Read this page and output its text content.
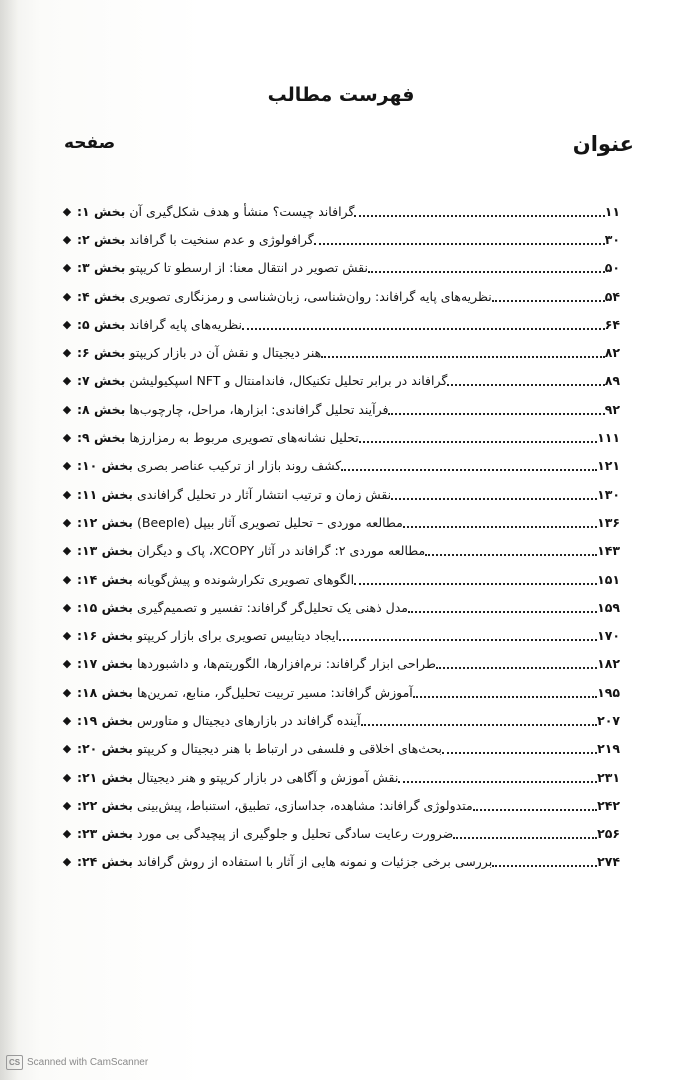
فهرست مطالب
عنوان
صفحه
◆ بخش ۱: گرافاند چیست؟ منشأ و هدف شکل‌گیری آن	۱۱
◆ بخش ۲: گرافولوژی و عدم سنخیت با گرافاند	۳۰
◆ بخش ۳: نقش تصویر در انتقال معنا: از ارسطو تا کریپتو	۵۰
◆ بخش ۴: نظریه‌های پایه گرافاند: روان‌شناسی، زبان‌شناسی و رمزنگاری تصویری	۵۴
◆ بخش ۵: نظریه‌های پایه گرافاند	۶۴
◆ بخش ۶: هنر دیجیتال و نقش آن در بازار کریپتو	۸۲
◆ بخش ۷: گرافاند در برابر تحلیل تکنیکال، فاندامنتال و NFT اسپکیولیشن	۸۹
◆ بخش ۸: فرآیند تحلیل گرافاندی: ابزارها، مراحل، چارچوب‌ها	۹۲
◆ بخش ۹: تحلیل نشانه‌های تصویری مربوط به رمزارزها	۱۱۱
◆ بخش ۱۰: کشف روند بازار از ترکیب عناصر بصری	۱۲۱
◆ بخش ۱۱: نقش زمان و ترتیب انتشار آثار در تحلیل گرافاندی	۱۳۰
◆ بخش ۱۲: مطالعه موردی – تحلیل تصویری آثار بیپل (Beeple)	۱۳۶
◆ بخش ۱۳: مطالعه موردی ۲: گرافاند در آثار XCOPY، پاک و دیگران	۱۴۳
◆ بخش ۱۴: الگوهای تصویری تکرارشونده و پیش‌گویانه	۱۵۱
◆ بخش ۱۵: مدل ذهنی یک تحلیل‌گر گرافاند: تفسیر و تصمیم‌گیری	۱۵۹
◆ بخش ۱۶: ایجاد دیتابیس تصویری برای بازار کریپتو	۱۷۰
◆ بخش ۱۷: طراحی ابزار گرافاند: نرم‌افزارها، الگوریتم‌ها، و داشبوردها	۱۸۲
◆ بخش ۱۸: آموزش گرافاند: مسیر تربیت تحلیل‌گر، منابع، تمرین‌ها	۱۹۵
◆ بخش ۱۹: آینده گرافاند در بازارهای دیجیتال و متاورس	۲۰۷
◆ بخش ۲۰: بحث‌های اخلاقی و فلسفی در ارتباط با هنر دیجیتال و کریپتو	۲۱۹
◆ بخش ۲۱: نقش آموزش و آگاهی در بازار کریپتو و هنر دیجیتال	۲۳۱
◆ بخش ۲۲: متدولوژی گرافاند: مشاهده، جداسازی، تطبیق، استنباط، پیش‌بینی	۲۴۲
◆ بخش ۲۳: ضرورت رعایت سادگی تحلیل و جلوگیری از پیچیدگی بی مورد	۲۵۶
◆ بخش ۲۴: بررسی برخی جزئیات و نمونه هایی از آثار با استفاده از روش گرافاند	۲۷۴
CS Scanned with CamScanner
